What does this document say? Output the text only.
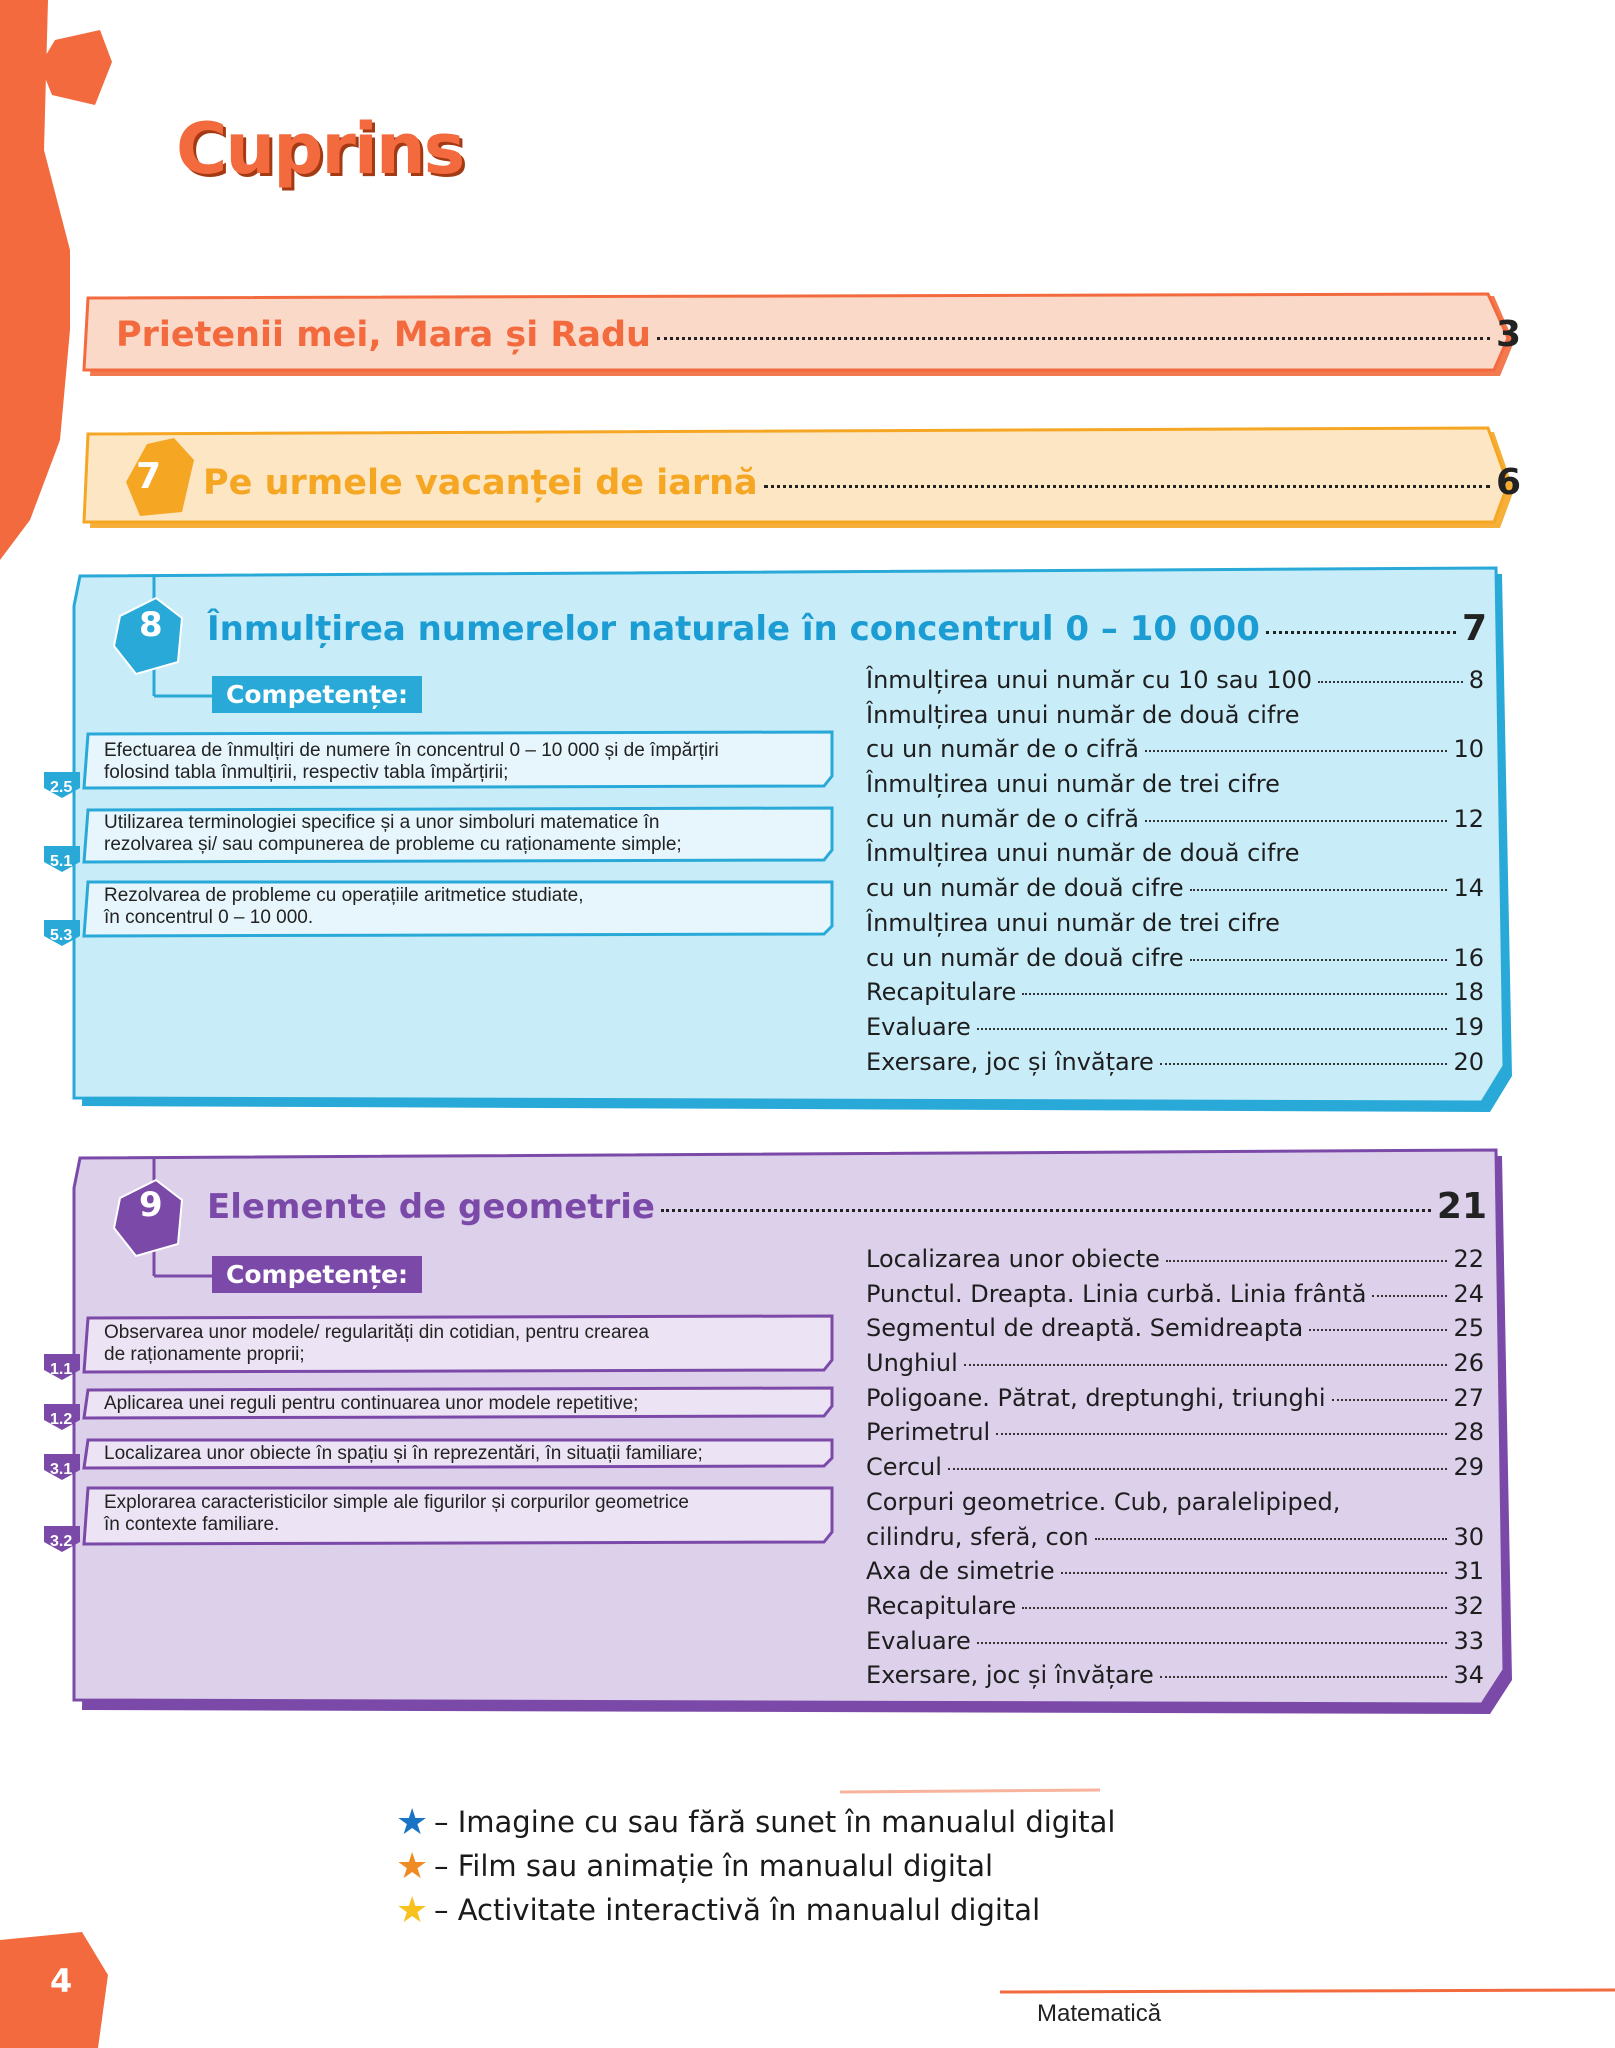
Cuprins
Prietenii mei, Mara și Radu	3
7 Pe urmele vacanței de iarnă	6
8 Înmulțirea numerelor naturale în concentrul 0 – 10 000	7
Competențe:
2.5
5.1
5.3
Efectuarea de înmulțiri de numere în concentrul 0 – 10 000 și de împărțiri
folosind tabla înmulțirii, respectiv tabla împărțirii;
Utilizarea terminologiei specifice și a unor simboluri matematice în
rezolvarea și/ sau compunerea de probleme cu raționamente simple;
Rezolvarea de probleme cu operațiile aritmetice studiate,
în concentrul 0 – 10 000.
Înmulțirea unui număr cu 10 sau 100	8
Înmulțirea unui număr de două cifre
cu un număr de o cifră	10
Înmulțirea unui număr de trei cifre
cu un număr de o cifră	12
Înmulțirea unui număr de două cifre
cu un număr de două cifre	14
Înmulțirea unui număr de trei cifre
cu un număr de două cifre	16
Recapitulare	18
Evaluare	19
Exersare, joc și învățare	20
9 Elemente de geometrie	21
Competențe:
1.1
1.2
3.1
3.2
Observarea unor modele/ regularități din cotidian, pentru crearea
de raționamente proprii;
Aplicarea unei reguli pentru continuarea unor modele repetitive;
Localizarea unor obiecte în spațiu și în reprezentări, în situații familiare;
Explorarea caracteristicilor simple ale figurilor și corpurilor geometrice
în contexte familiare.
Localizarea unor obiecte	22
Punctul. Dreapta. Linia curbă. Linia frântă	24
Segmentul de dreaptă. Semidreapta	25
Unghiul	26
Poligoane. Pătrat, dreptunghi, triunghi	27
Perimetrul	28
Cercul	29
Corpuri geometrice. Cub, paralelipiped,
cilindru, sferă, con	30
Axa de simetrie	31
Recapitulare	32
Evaluare	33
Exersare, joc și învățare	34
★ – Imagine cu sau fără sunet în manualul digital
★ – Film sau animație în manualul digital
★ – Activitate interactivă în manualul digital
4
Matematică
